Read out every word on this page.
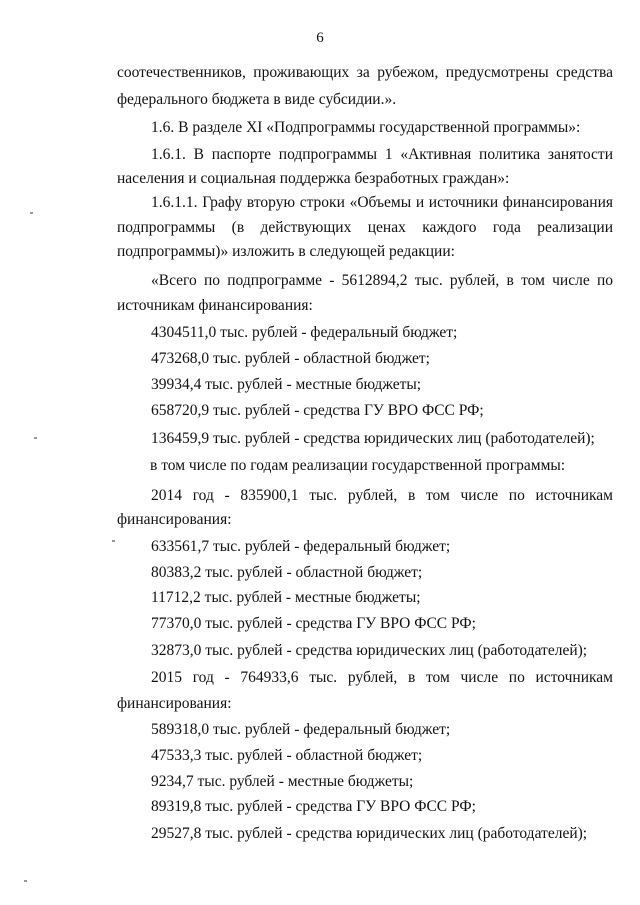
6
соотечественников, проживающих за рубежом, предусмотрены средства
федерального бюджета в виде субсидии.».
1.6. В разделе XI «Подпрограммы государственной программы»:
1.6.1. В паспорте подпрограммы 1 «Активная политика занятости
населения и социальная поддержка безработных граждан»:
1.6.1.1. Графу вторую строки «Объемы и источники финансирования
подпрограммы (в действующих ценах каждого года реализации
подпрограммы)» изложить в следующей редакции:
«Всего по подпрограмме - 5612894,2 тыс. рублей, в том числе по
источникам финансирования:
4304511,0 тыс. рублей - федеральный бюджет;
473268,0 тыс. рублей - областной бюджет;
39934,4 тыс. рублей - местные бюджеты;
658720,9 тыс. рублей - средства ГУ ВРО ФСС РФ;
136459,9 тыс. рублей - средства юридических лиц (работодателей);
в том числе по годам реализации государственной программы:
2014 год - 835900,1 тыс. рублей, в том числе по источникам
финансирования:
633561,7 тыс. рублей - федеральный бюджет;
80383,2 тыс. рублей - областной бюджет;
11712,2 тыс. рублей - местные бюджеты;
77370,0 тыс. рублей - средства ГУ ВРО ФСС РФ;
32873,0 тыс. рублей - средства юридических лиц (работодателей);
2015 год - 764933,6 тыс. рублей, в том числе по источникам
финансирования:
589318,0 тыс. рублей - федеральный бюджет;
47533,3 тыс. рублей - областной бюджет;
9234,7 тыс. рублей - местные бюджеты;
89319,8 тыс. рублей - средства ГУ ВРО ФСС РФ;
29527,8 тыс. рублей - средства юридических лиц (работодателей);
